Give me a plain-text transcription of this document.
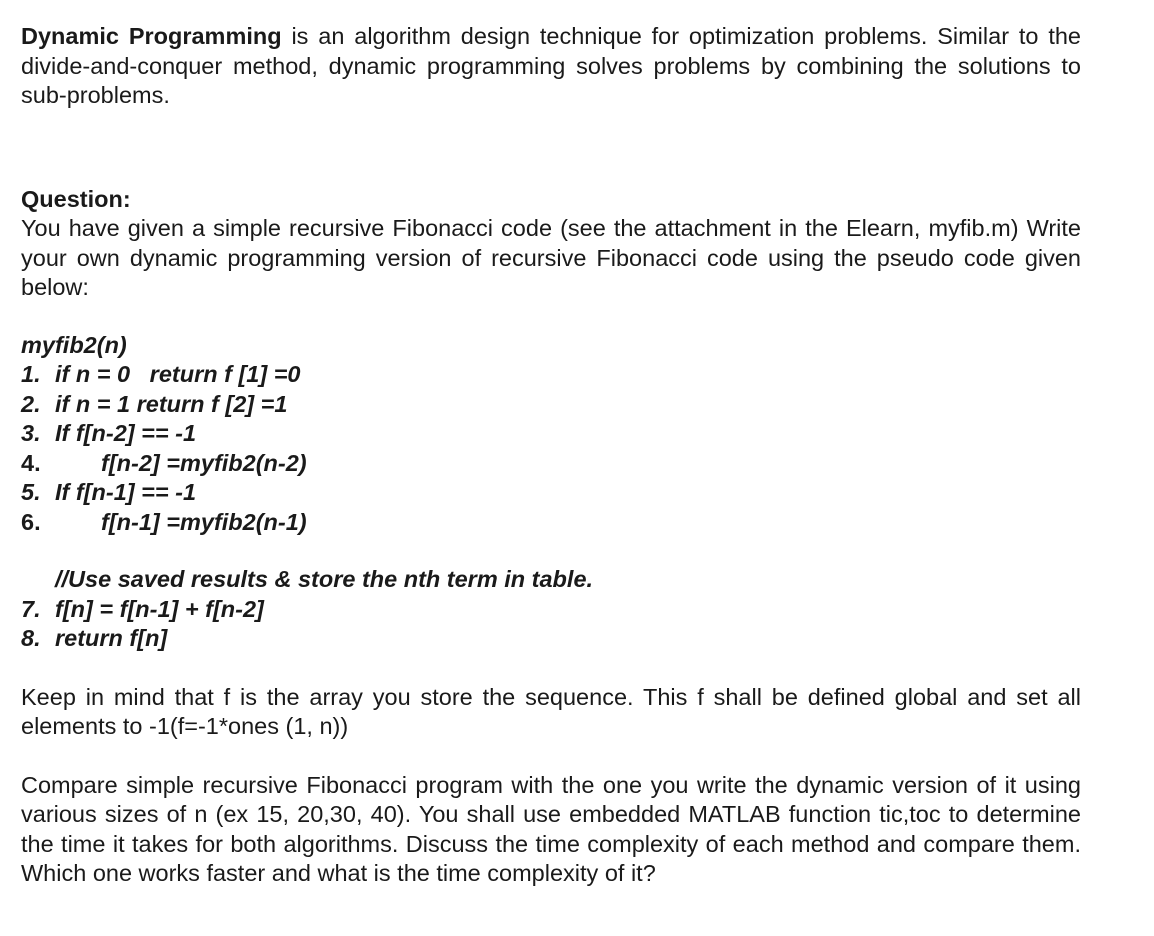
Dynamic Programming is an algorithm design technique for optimization problems. Similar to the divide-and-conquer method, dynamic programming solves problems by combining the solutions to sub-problems.

Question:

You have given a simple recursive Fibonacci code (see the attachment in the Elearn, myfib.m) Write your own dynamic programming version of recursive Fibonacci code using the pseudo code given below:

myfib2(n)
1. if n = 0   return f [1] =0
2. if n = 1 return f [2] =1
3. If f[n-2] == -1
4.	f[n-2] =myfib2(n-2)
5. If f[n-1] == -1
6.	f[n-1] =myfib2(n-1)
//Use saved results & store the nth term in table.
7. f[n] = f[n-1] + f[n-2]
8. return f[n]

Keep in mind that f is the array you store the sequence. This f shall be defined global and set all elements to -1(f=-1*ones (1, n))

Compare simple recursive Fibonacci program with the one you write the dynamic version of it using various sizes of n (ex 15, 20,30, 40). You shall use embedded MATLAB function tic,toc to determine the time it takes for both algorithms. Discuss the time complexity of each method and compare them. Which one works faster and what is the time complexity of it?
